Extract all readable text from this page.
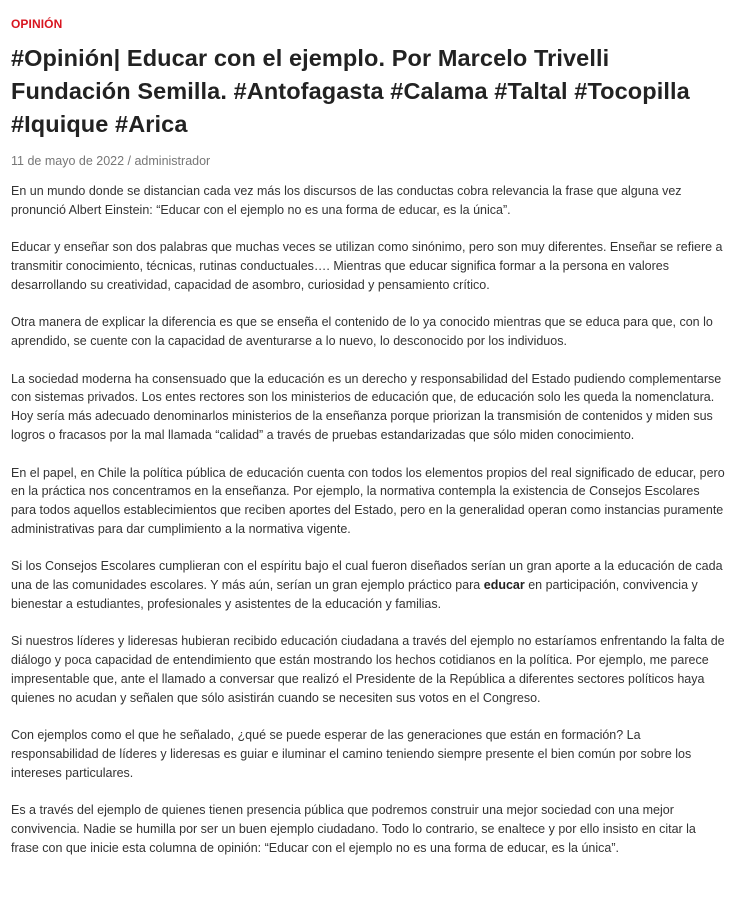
OPINIÓN
#Opinión| Educar con el ejemplo. Por Marcelo Trivelli Fundación Semilla. #Antofagasta #Calama #Taltal #Tocopilla #Iquique #Arica
11 de mayo de 2022 / administrador

En un mundo donde se distancian cada vez más los discursos de las conductas cobra relevancia la frase que alguna vez pronunció Albert Einstein: “Educar con el ejemplo no es una forma de educar, es la única”.

Educar y enseñar son dos palabras que muchas veces se utilizan como sinónimo, pero son muy diferentes. Enseñar se refiere a transmitir conocimiento, técnicas, rutinas conductuales…. Mientras que educar significa formar a la persona en valores desarrollando su creatividad, capacidad de asombro, curiosidad y pensamiento crítico.

Otra manera de explicar la diferencia es que se enseña el contenido de lo ya conocido mientras que se educa para que, con lo aprendido, se cuente con la capacidad de aventurarse a lo nuevo, lo desconocido por los individuos.

La sociedad moderna ha consensuado que la educación es un derecho y responsabilidad del Estado pudiendo complementarse con sistemas privados. Los entes rectores son los ministerios de educación que, de educación solo les queda la nomenclatura. Hoy sería más adecuado denominarlos ministerios de la enseñanza porque priorizan la transmisión de contenidos y miden sus logros o fracasos por la mal llamada “calidad” a través de pruebas estandarizadas que sólo miden conocimiento.

En el papel, en Chile la política pública de educación cuenta con todos los elementos propios del real significado de educar, pero en la práctica nos concentramos en la enseñanza. Por ejemplo, la normativa contempla la existencia de Consejos Escolares para todos aquellos establecimientos que reciben aportes del Estado, pero en la generalidad operan como instancias puramente administrativas para dar cumplimiento a la normativa vigente.

Si los Consejos Escolares cumplieran con el espíritu bajo el cual fueron diseñados serían un gran aporte a la educación de cada una de las comunidades escolares. Y más aún, serían un gran ejemplo práctico para educar en participación, convivencia y bienestar a estudiantes, profesionales y asistentes de la educación y familias.

Si nuestros líderes y lideresas hubieran recibido educación ciudadana a través del ejemplo no estaríamos enfrentando la falta de diálogo y poca capacidad de entendimiento que están mostrando los hechos cotidianos en la política. Por ejemplo, me parece impresentable que, ante el llamado a conversar que realizó el Presidente de la República a diferentes sectores políticos haya quienes no acudan y señalen que sólo asistirán cuando se necesiten sus votos en el Congreso.

Con ejemplos como el que he señalado, ¿qué se puede esperar de las generaciones que están en formación? La responsabilidad de líderes y lideresas es guiar e iluminar el camino teniendo siempre presente el bien común por sobre los intereses particulares.

Es a través del ejemplo de quienes tienen presencia pública que podremos construir una mejor sociedad con una mejor convivencia. Nadie se humilla por ser un buen ejemplo ciudadano. Todo lo contrario, se enaltece y por ello insisto en citar la frase con que inicie esta columna de opinión: “Educar con el ejemplo no es una forma de educar, es la única”.
